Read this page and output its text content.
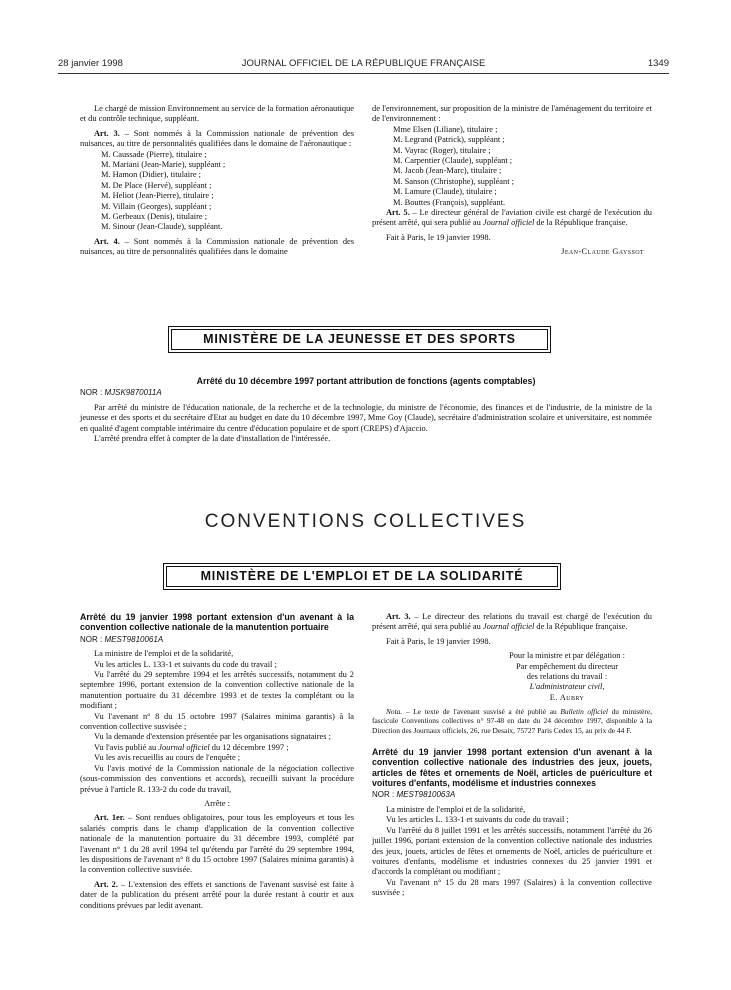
28 janvier 1998	JOURNAL OFFICIEL DE LA RÉPUBLIQUE FRANÇAISE	1349

Le chargé de mission Environnement au service de la formation aéronautique et du contrôle technique, suppléant.

Art. 3. – Sont nommés à la Commission nationale de prévention des nuisances, au titre de personnalités qualifiées dans le domaine de l'aéronautique :

M. Caussade (Pierre), titulaire ;

M. Mariani (Jean-Marie), suppléant ;

M. Hamon (Didier), titulaire ;

M. De Place (Hervé), suppléant ;

M. Heliot (Jean-Pierre), titulaire ;

M. Villain (Georges), suppléant ;

M. Gerbeaux (Denis), titulaire ;

M. Sinour (Jean-Claude), suppléant.

Art. 4. – Sont nommés à la Commission nationale de prévention des nuisances, au titre de personnalités qualifiées dans le domaine

de l'environnement, sur proposition de la ministre de l'aménagement du territoire et de l'environnement :

Mme Elsen (Liliane), titulaire ;

M. Legrand (Patrick), suppléant ;

M. Vayrac (Roger), titulaire ;

M. Carpentier (Claude), suppléant ;

M. Jacob (Jean-Marc), titulaire ;

M. Sanson (Christophe), suppléant ;

M. Lamure (Claude), titulaire ;

M. Bouttes (François), suppléant.

Art. 5. – Le directeur général de l'aviation civile est chargé de l'exécution du présent arrêté, qui sera publié au Journal officiel de la République française.

Fait à Paris, le 19 janvier 1998.

Jean-Claude Gayssot

MINISTÈRE DE LA JEUNESSE ET DES SPORTS

Arrêté du 10 décembre 1997 portant attribution de fonctions (agents comptables)

NOR : MJSK9870011A

Par arrêté du ministre de l'éducation nationale, de la recherche et de la technologie, du ministre de l'économie, des finances et de l'industrie, de la ministre de la jeunesse et des sports et du secrétaire d'Etat au budget en date du 10 décembre 1997, Mme Goy (Claude), secrétaire d'administration scolaire et universitaire, est nommée en qualité d'agent comptable intérimaire du centre d'éducation populaire et de sport (CREPS) d'Ajaccio.

L'arrêté prendra effet à compter de la date d'installation de l'intéressée.

CONVENTIONS COLLECTIVES
MINISTÈRE DE L'EMPLOI ET DE LA SOLIDARITÉ

Arrêté du 19 janvier 1998 portant extension d'un avenant à la convention collective nationale de la manutention portuaire

NOR : MEST9810061A

La ministre de l'emploi et de la solidarité,

Vu les articles L. 133-1 et suivants du code du travail ;

Vu l'arrêté du 29 septembre 1994 et les arrêtés successifs, notamment du 2 septembre 1996, portant extension de la convention collective nationale de la manutention portuaire du 31 décembre 1993 et de textes la complétant ou la modifiant ;

Vu l'avenant n° 8 du 15 octobre 1997 (Salaires minima garantis) à la convention collective susvisée ;

Vu la demande d'extension présentée par les organisations signataires ;

Vu l'avis publié au Journal officiel du 12 décembre 1997 ;

Vu les avis recueillis au cours de l'enquête ;

Vu l'avis motivé de la Commission nationale de la négociation collective (sous-commission des conventions et accords), recueilli suivant la procédure prévue à l'article R. 133-2 du code du travail,

Arrête :

Art. 1er. – Sont rendues obligatoires, pour tous les employeurs et tous les salariés compris dans le champ d'application de la convention collective nationale de la manutention portuaire du 31 décembre 1993, complété par l'avenant n° 1 du 28 avril 1994 tel qu'étendu par l'arrêté du 29 septembre 1994, les dispositions de l'avenant n° 8 du 15 octobre 1997 (Salaires minima garantis) à la convention collective susvisée.

Art. 2. – L'extension des effets et sanctions de l'avenant susvisé est faite à dater de la publication du présent arrêté pour la durée restant à courir et aux conditions prévues par ledit avenant.

Art. 3. – Le directeur des relations du travail est chargé de l'exécution du présent arrêté, qui sera publié au Journal officiel de la République française.

Fait à Paris, le 19 janvier 1998.

Pour la ministre et par délégation :

Par empêchement du directeur

des relations du travail :

L'administrateur civil,

E. Aubry

Nota. – Le texte de l'avenant susvisé a été publié au Bulletin officiel du ministère, fascicule Conventions collectives n° 97-48 en date du 24 décembre 1997, disponible à la Direction des Journaux officiels, 26, rue Desaix, 75727 Paris Cedex 15, au prix de 44 F.

Arrêté du 19 janvier 1998 portant extension d'un avenant à la convention collective nationale des industries des jeux, jouets, articles de fêtes et ornements de Noël, articles de puériculture et voitures d'enfants, modélisme et industries connexes

NOR : MEST9810063A

La ministre de l'emploi et de la solidarité,

Vu les articles L. 133-1 et suivants du code du travail ;

Vu l'arrêté du 8 juillet 1991 et les arrêtés successifs, notamment l'arrêté du 26 juillet 1996, portant extension de la convention collective nationale des industries des jeux, jouets, articles de fêtes et ornements de Noël, articles de puériculture et voitures d'enfants, modélisme et industries connexes du 25 janvier 1991 et d'accords la complétant ou modifiant ;

Vu l'avenant n° 15 du 28 mars 1997 (Salaires) à la convention collective susvisée ;
